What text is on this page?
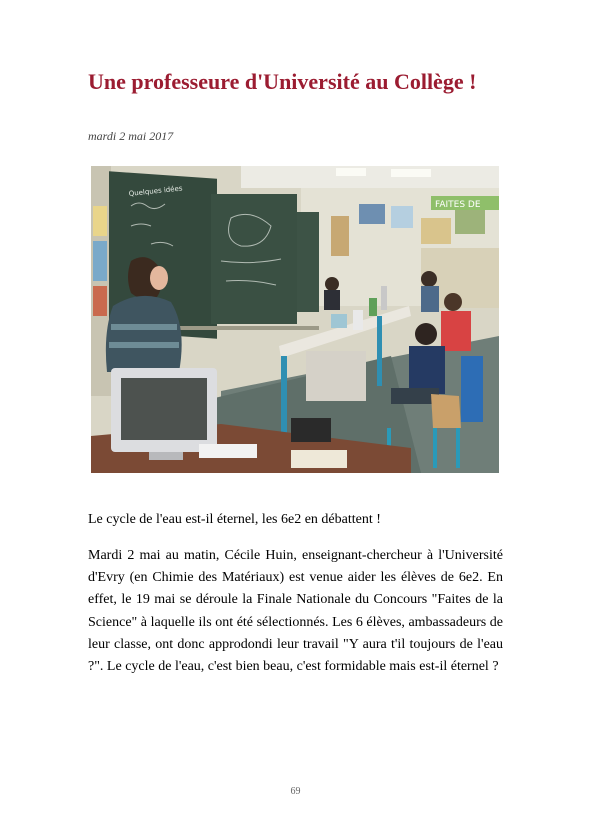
Une professeure d'Université au Collège !
mardi 2 mai 2017
Quelques idées
FAITES DE

Le cycle de l'eau est-il éternel, les 6e2 en débattent !

Mardi 2 mai au matin, Cécile Huin, enseignant-chercheur à l'Université d'Evry (en Chimie des Matériaux) est venue aider les élèves de 6e2. En effet, le 19 mai se déroule la Finale Nationale du Concours "Faites de la Science" à laquelle ils ont été sélectionnés. Les 6 élèves, ambassadeurs de leur classe, ont donc approdondi leur travail "Y aura t'il toujours de l'eau ?". Le cycle de l'eau, c'est bien beau, c'est formidable mais est-il éternel ?

69
